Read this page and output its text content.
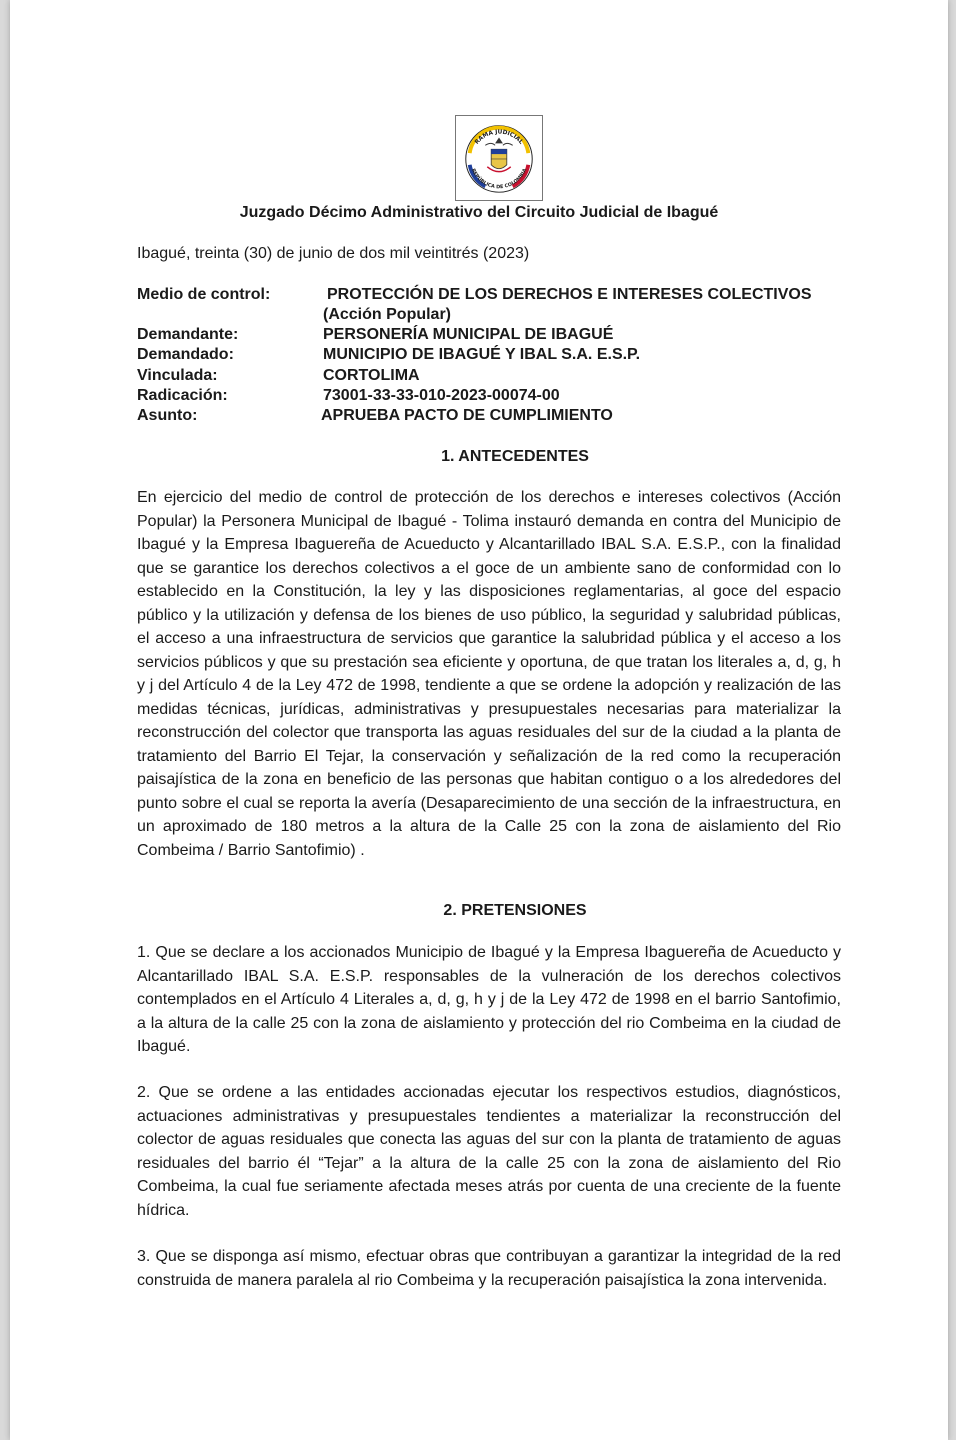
RAMA JUDICIAL
REPÚBLICA DE COLOMBIA
Juzgado Décimo Administrativo del Circuito Judicial de Ibagué
Ibagué, treinta (30) de junio de dos mil veintitrés (2023)
Medio de control:	PROTECCIÓN DE LOS DERECHOS E INTERESES COLECTIVOS
(Acción Popular)
Demandante:	PERSONERÍA MUNICIPAL DE IBAGUÉ
Demandado:	MUNICIPIO DE IBAGUÉ Y IBAL S.A. E.S.P.
Vinculada:	CORTOLIMA
Radicación:	73001-33-33-010-2023-00074-00
Asunto:	APRUEBA PACTO DE CUMPLIMIENTO
1. ANTECEDENTES
En ejercicio del medio de control de protección de los derechos e intereses colectivos (Acción Popular) la Personera Municipal de Ibagué - Tolima instauró demanda en contra del Municipio de Ibagué y la Empresa Ibaguereña de Acueducto y Alcantarillado IBAL S.A. E.S.P., con la finalidad que se garantice los derechos colectivos a el goce de un ambiente sano de conformidad con lo establecido en la Constitución, la ley y las disposiciones reglamentarias, al goce del espacio público y la utilización y defensa de los bienes de uso público, la seguridad y salubridad públicas, el acceso a una infraestructura de servicios que garantice la salubridad pública y el acceso a los servicios públicos y que su prestación sea eficiente y oportuna, de que tratan los literales a, d, g, h y j del Artículo 4 de la Ley 472 de 1998, tendiente a que se ordene la adopción y realización de las medidas técnicas, jurídicas, administrativas y presupuestales necesarias para materializar la reconstrucción del colector que transporta las aguas residuales del sur de la ciudad a la planta de tratamiento del Barrio El Tejar, la conservación y señalización de la red como la recuperación paisajística de la zona en beneficio de las personas que habitan contiguo o a los alrededores del punto sobre el cual se reporta la avería (Desaparecimiento de una sección de la infraestructura, en un aproximado de 180 metros a la altura de la Calle 25 con la zona de aislamiento del Rio Combeima / Barrio Santofimio) .
2. PRETENSIONES
1. Que se declare a los accionados Municipio de Ibagué y la Empresa Ibaguereña de Acueducto y Alcantarillado IBAL S.A. E.S.P. responsables de la vulneración de los derechos colectivos contemplados en el Artículo 4 Literales a, d, g, h y j de la Ley 472 de 1998 en el barrio Santofimio, a la altura de la calle 25 con la zona de aislamiento y protección del rio Combeima en la ciudad de Ibagué.
2. Que se ordene a las entidades accionadas ejecutar los respectivos estudios, diagnósticos, actuaciones administrativas y presupuestales tendientes a materializar la reconstrucción del colector de aguas residuales que conecta las aguas del sur con la planta de tratamiento de aguas residuales del barrio él “Tejar” a la altura de la calle 25 con la zona de aislamiento del Rio Combeima, la cual fue seriamente afectada meses atrás por cuenta de una creciente de la fuente hídrica.
3. Que se disponga así mismo, efectuar obras que contribuyan a garantizar la integridad de la red construida de manera paralela al rio Combeima y la recuperación paisajística la zona intervenida.
